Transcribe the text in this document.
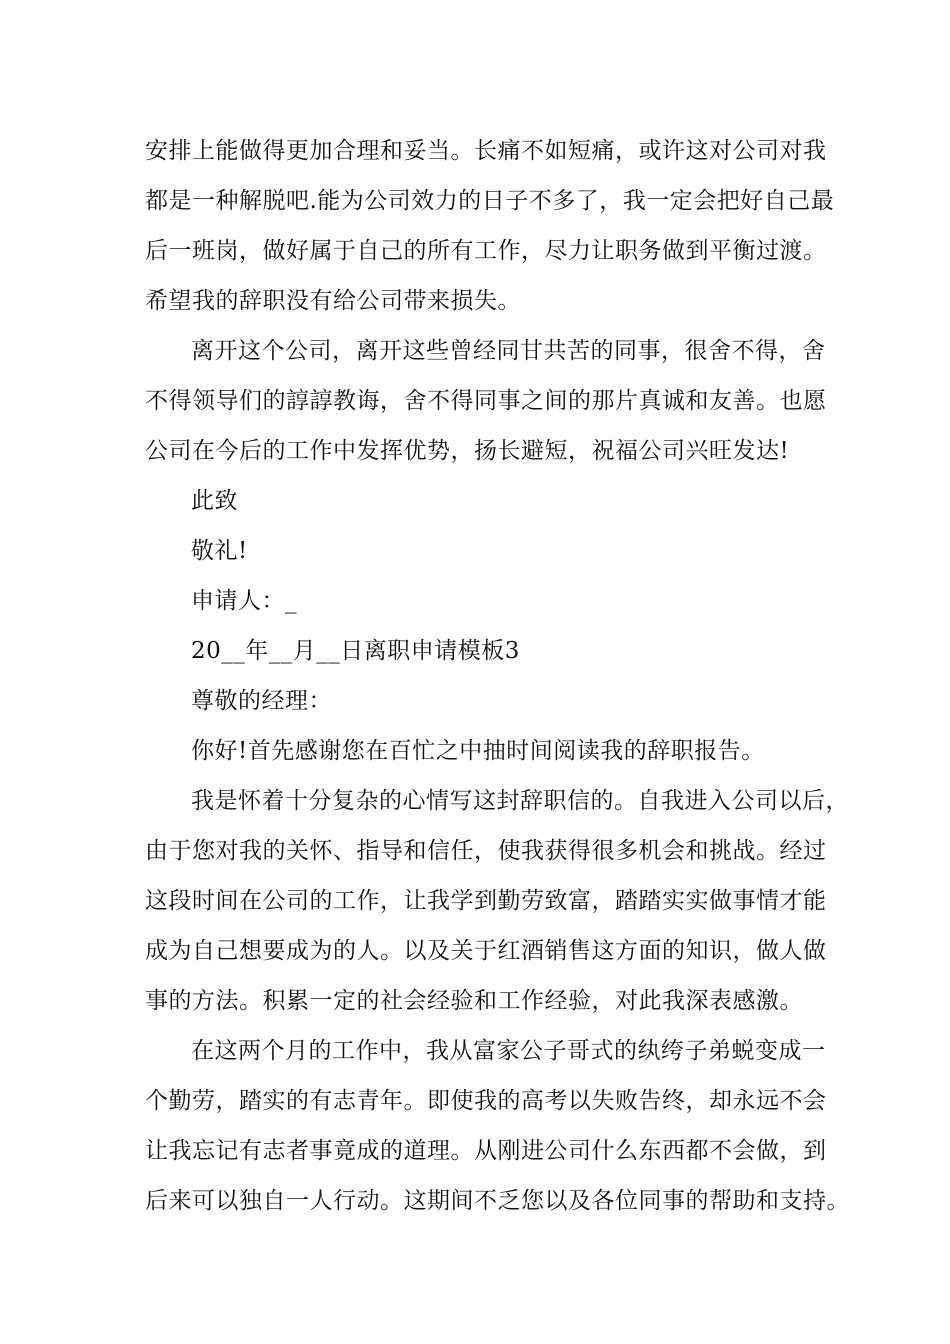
安排上能做得更加合理和妥当。长痛不如短痛，或许这对公司对我
都是一种解脱吧.能为公司效力的日子不多了，我一定会把好自己最
后一班岗，做好属于自己的所有工作，尽力让职务做到平衡过渡。
希望我的辞职没有给公司带来损失。
离开这个公司，离开这些曾经同甘共苦的同事，很舍不得，舍
不得领导们的諄諄教诲，舍不得同事之间的那片真诚和友善。也愿
公司在今后的工作中发挥优势，扬长避短，祝福公司兴旺发达!
此致
敬礼!
申请人：_
20__年__月__日离职申请模板3
尊敬的经理：
你好!首先感谢您在百忙之中抽时间阅读我的辞职报告。
我是怀着十分复杂的心情写这封辞职信的。自我进入公司以后，
由于您对我的关怀、指导和信任，使我获得很多机会和挑战。经过
这段时间在公司的工作，让我学到勤劳致富，踏踏实实做事情才能
成为自己想要成为的人。以及关于红酒销售这方面的知识，做人做
事的方法。积累一定的社会经验和工作经验，对此我深表感激。
在这两个月的工作中，我从富家公子哥式的纨绔子弟蜕变成一
个勤劳，踏实的有志青年。即使我的高考以失败告终，却永远不会
让我忘记有志者事竟成的道理。从刚进公司什么东西都不会做，到
后来可以独自一人行动。这期间不乏您以及各位同事的帮助和支持。
